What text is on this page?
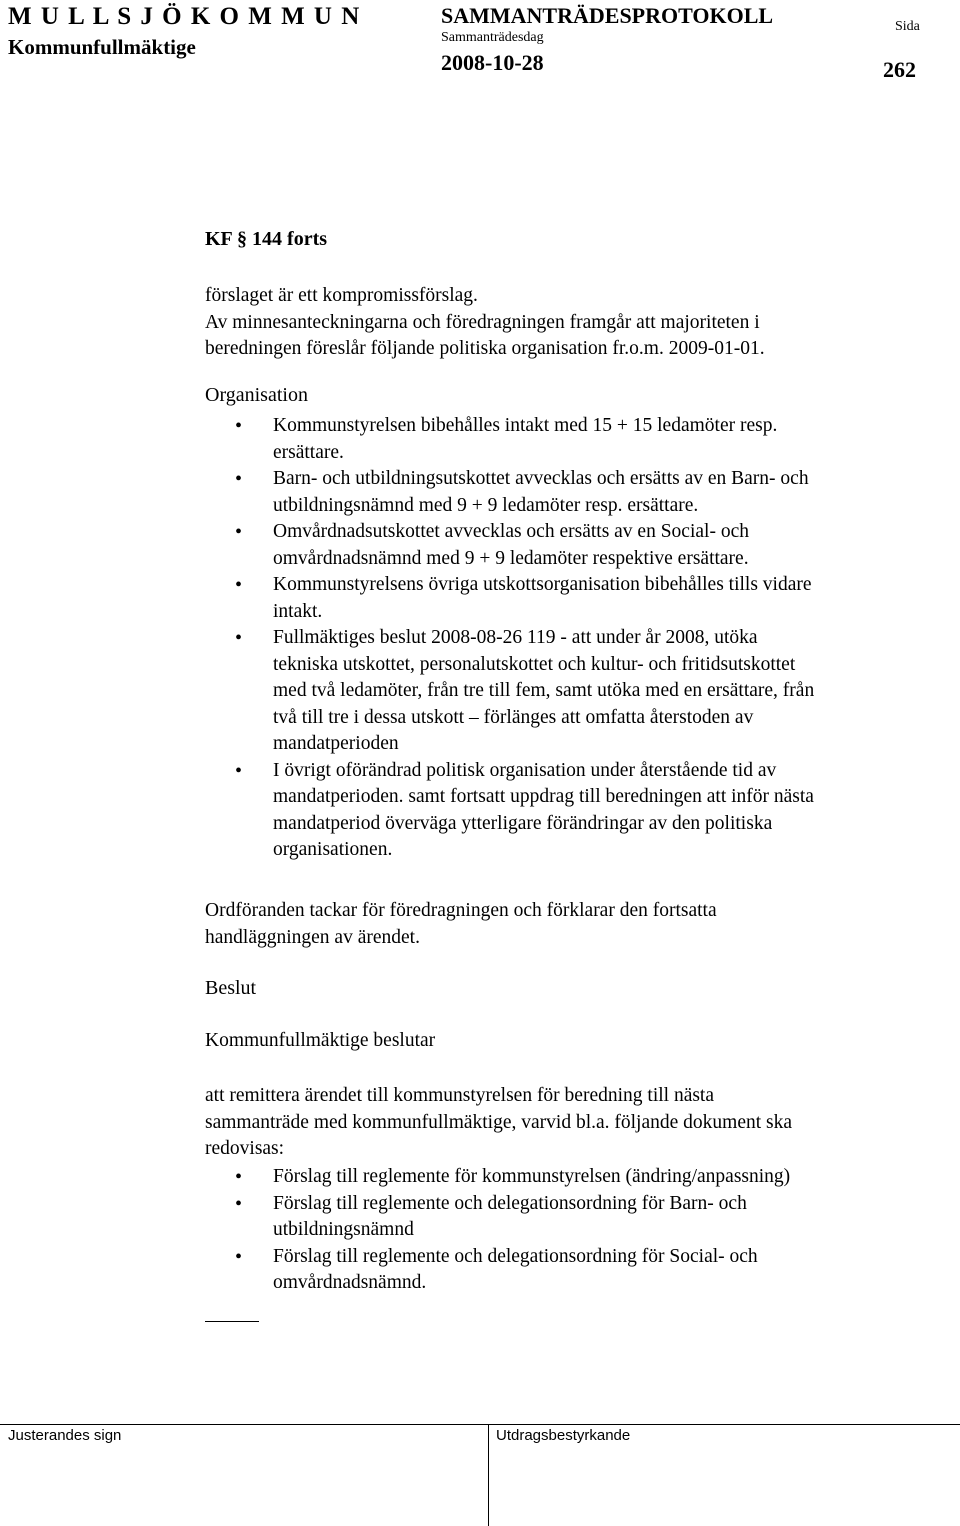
M U L L S J Ö K O M M U N
Kommunfullmäktige
SAMMANTRÄDESPROTOKOLL
Sammanträdesdag
2008-10-28
Sida
262
KF § 144 forts
förslaget är ett kompromissförslag.
Av minnesanteckningarna och föredragningen framgår att majoriteten i
beredningen föreslår följande politiska organisation fr.o.m. 2009-01-01.
Organisation
• Kommunstyrelsen bibehålles intakt med 15 + 15 ledamöter resp.
ersättare.
• Barn- och utbildningsutskottet avvecklas och ersätts av en Barn- och
utbildningsnämnd med 9 + 9 ledamöter resp. ersättare.
• Omvårdnadsutskottet avvecklas och ersätts av en Social- och
omvårdnadsnämnd med 9 + 9 ledamöter respektive ersättare.
• Kommunstyrelsens övriga utskottsorganisation bibehålles tills vidare
intakt.
• Fullmäktiges beslut 2008-08-26 119 - att under år 2008, utöka
tekniska utskottet, personalutskottet och kultur- och fritidsutskottet
med två ledamöter, från tre till fem, samt utöka med en ersättare, från
två till tre i dessa utskott – förlänges att omfatta återstoden av
mandatperioden
• I övrigt oförändrad politisk organisation under återstående tid av
mandatperioden. samt fortsatt uppdrag till beredningen att inför nästa
mandatperiod överväga ytterligare förändringar av den politiska
organisationen.
Ordföranden tackar för föredragningen och förklarar den fortsatta
handläggningen av ärendet.
Beslut
Kommunfullmäktige beslutar
att remittera ärendet till kommunstyrelsen för beredning till nästa
sammanträde med kommunfullmäktige, varvid bl.a. följande dokument ska
redovisas:
• Förslag till reglemente för kommunstyrelsen (ändring/anpassning)
• Förslag till reglemente och delegationsordning för Barn- och
utbildningsnämnd
• Förslag till reglemente och delegationsordning för Social- och
omvårdnadsnämnd.
Justerandes sign	Utdragsbestyrkande
